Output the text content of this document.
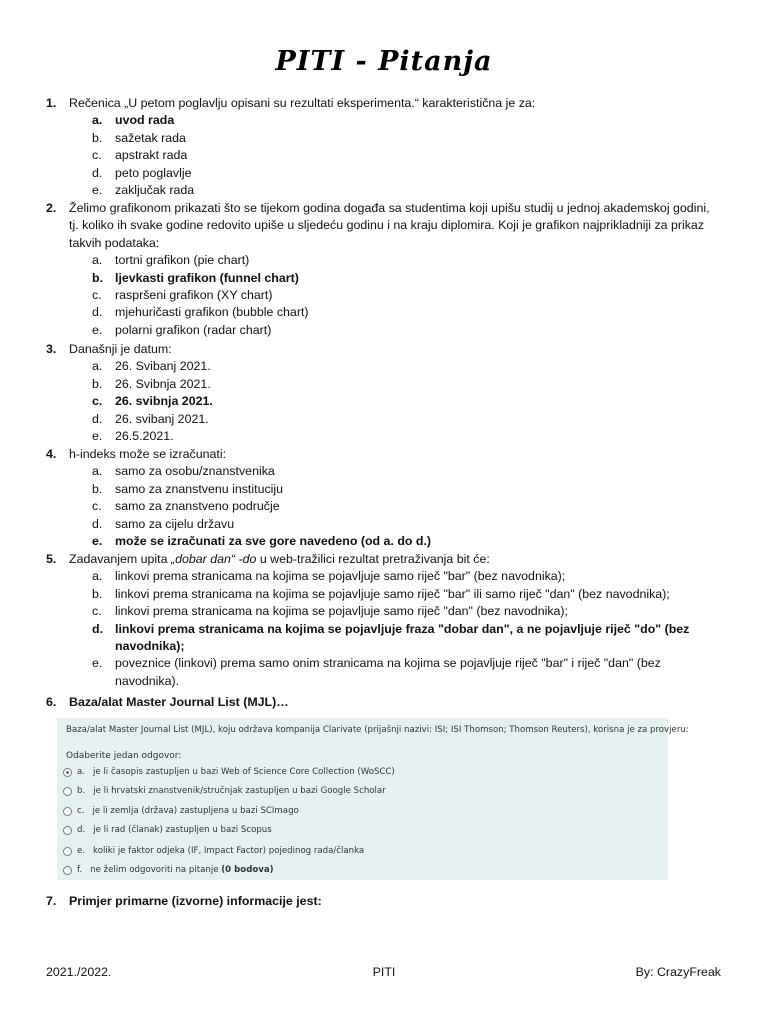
PITI - Pitanja
1. Rečenica „U petom poglavlju opisani su rezultati eksperimenta.“ karakteristična je za:
a. uvod rada
b. sažetak rada
c. apstrakt rada
d. peto poglavlje
e. zaključak rada
2. Želimo grafikonom prikazati što se tijekom godina događa sa studentima koji upišu studij u jednoj akademskoj godini, tj. koliko ih svake godine redovito upiše u sljedeću godinu i na kraju diplomira. Koji je grafikon najprikladniji za prikaz takvih podataka:
a. tortni grafikon (pie chart)
b. ljevkasti grafikon (funnel chart)
c. raspršeni grafikon (XY chart)
d. mjehuričasti grafikon (bubble chart)
e. polarni grafikon (radar chart)
3. Današnji je datum:
a. 26. Svibanj 2021.
b. 26. Svibnja 2021.
c. 26. svibnja 2021.
d. 26. svibanj 2021.
e. 26.5.2021.
4. h-indeks može se izračunati:
a. samo za osobu/znanstvenika
b. samo za znanstvenu instituciju
c. samo za znanstveno područje
d. samo za cijelu državu
e. može se izračunati za sve gore navedeno (od a. do d.)
5. Zadavanjem upita „dobar dan“ -do u web-tražilici rezultat pretraživanja bit će:
a. linkovi prema stranicama na kojima se pojavljuje samo riječ "bar" (bez navodnika);
b. linkovi prema stranicama na kojima se pojavljuje samo riječ "bar" ili samo riječ "dan" (bez navodnika);
c. linkovi prema stranicama na kojima se pojavljuje samo riječ "dan" (bez navodnika);
d. linkovi prema stranicama na kojima se pojavljuje fraza "dobar dan", a ne pojavljuje riječ "do" (bez navodnika);
e. poveznice (linkovi) prema samo onim stranicama na kojima se pojavljuje riječ "bar" i riječ "dan" (bez navodnika).
6. Baza/alat Master Journal List (MJL)…
Baza/alat Master Journal List (MJL), koju održava kompanija Clarivate (prijašnji nazivi: ISI; ISI Thomson; Thomson Reuters), korisna je za provjeru:
Odaberite jedan odgovor:
a. je li časopis zastupljen u bazi Web of Science Core Collection (WoSCC)
b. je li hrvatski znanstvenik/stručnjak zastupljen u bazi Google Scholar
c. je li zemlja (država) zastupljena u bazi SCImago
d. je li rad (članak) zastupljen u bazi Scopus
e. koliki je faktor odjeka (IF, Impact Factor) pojedinog rada/članka
f. ne želim odgovoriti na pitanje
(0 bodova)
7. Primjer primarne (izvorne) informacije jest:
2021./2022.	PITI	By: CrazyFreak
